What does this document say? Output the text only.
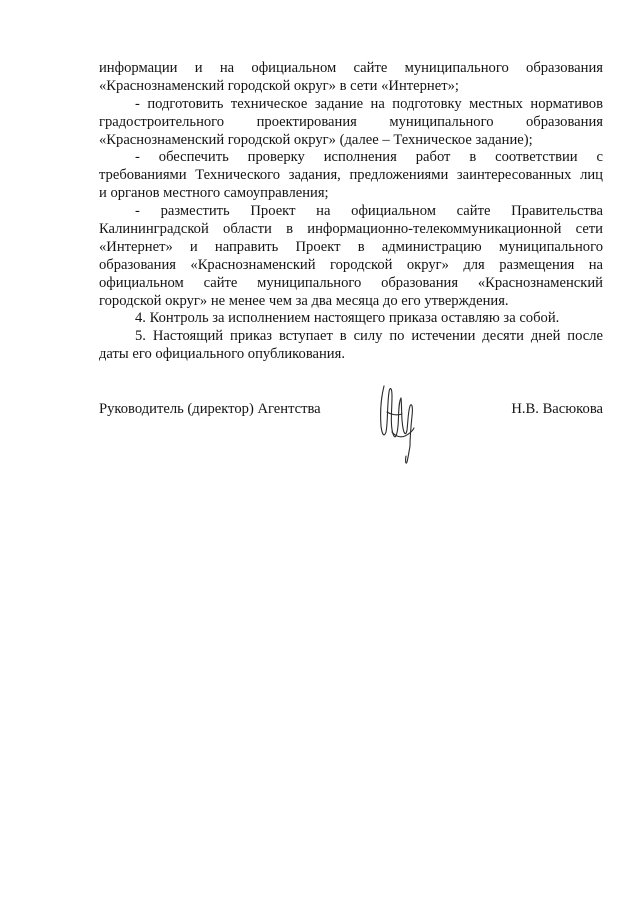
информации и на официальном сайте муниципального образования
«Краснознаменский городской округ» в сети «Интернет»;
- подготовить техническое задание на подготовку местных нормативов
градостроительного проектирования муниципального образования
«Краснознаменский городской округ» (далее – Техническое задание);
- обеспечить проверку исполнения работ в соответствии с
требованиями Технического задания, предложениями заинтересованных лиц
и органов местного самоуправления;
- разместить Проект на официальном сайте Правительства
Калининградской области в информационно-телекоммуникационной сети
«Интернет» и направить Проект в администрацию муниципального
образования «Краснознаменский городской округ» для размещения на
официальном сайте муниципального образования «Краснознаменский
городской округ» не менее чем за два месяца до его утверждения.
4. Контроль за исполнением настоящего приказа оставляю за собой.
5. Настоящий приказ вступает в силу по истечении десяти дней после
даты его официального опубликования.
Руководитель (директор) Агентства	Н.В. Васюкова
